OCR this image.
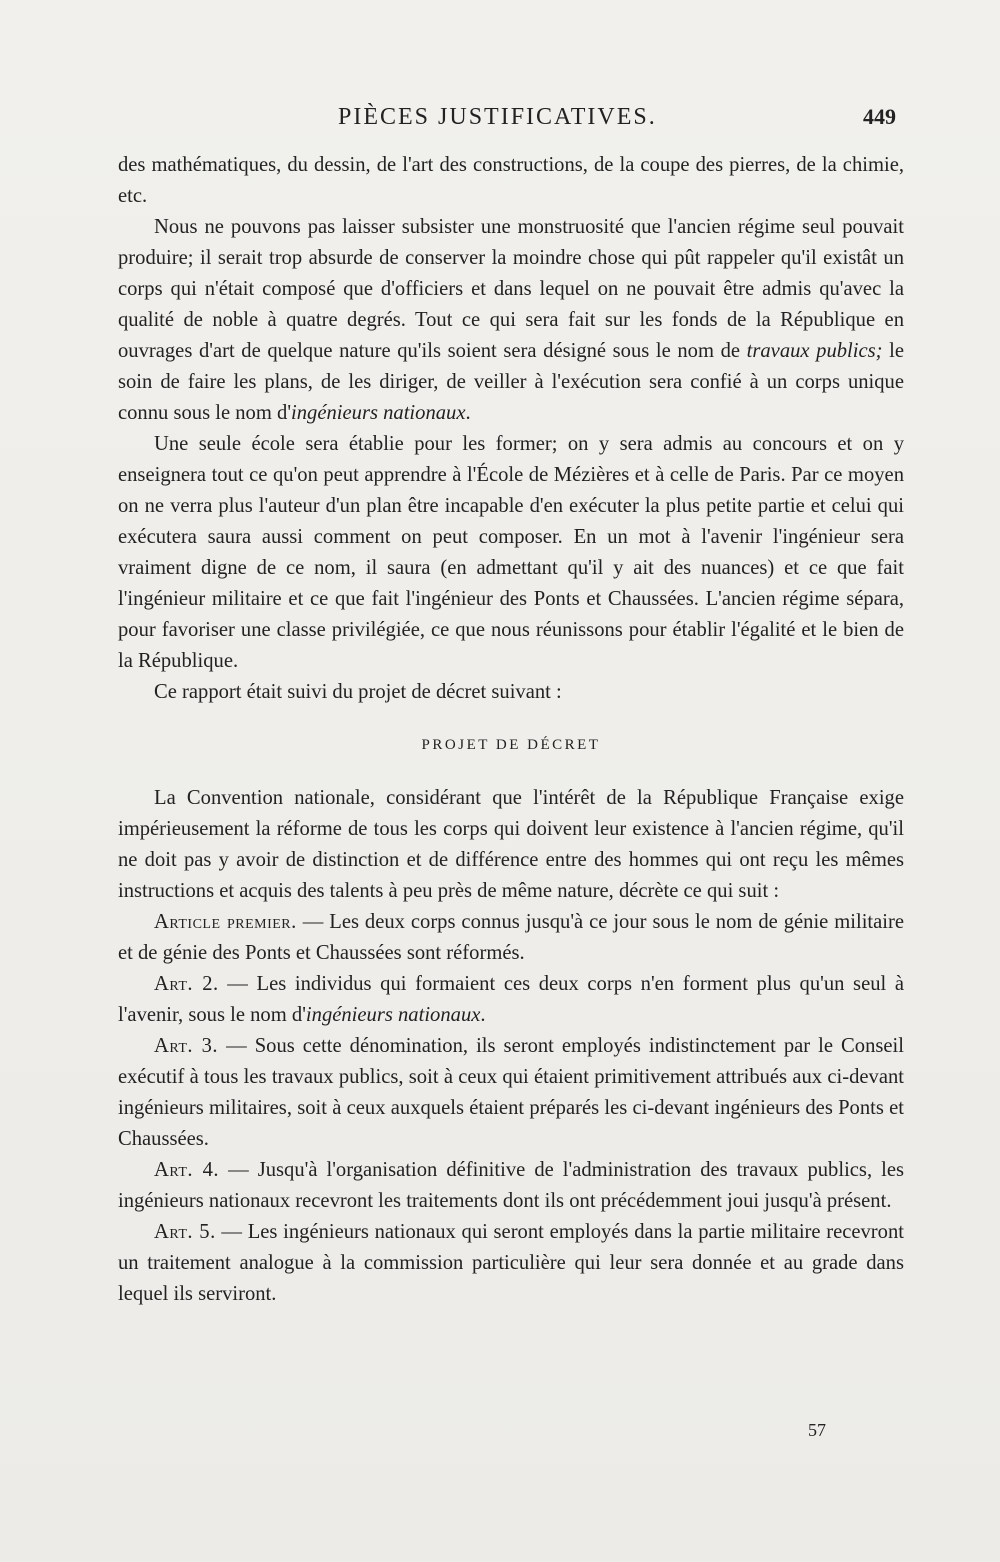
PIÈCES JUSTIFICATIVES.	449

des mathématiques, du dessin, de l'art des constructions, de la coupe des pierres, de la chimie, etc.

Nous ne pouvons pas laisser subsister une monstruosité que l'ancien régime seul pouvait produire; il serait trop absurde de conserver la moindre chose qui pût rappeler qu'il existât un corps qui n'était composé que d'officiers et dans lequel on ne pouvait être admis qu'avec la qualité de noble à quatre degrés. Tout ce qui sera fait sur les fonds de la République en ouvrages d'art de quelque nature qu'ils soient sera désigné sous le nom de travaux publics; le soin de faire les plans, de les diriger, de veiller à l'exécution sera confié à un corps unique connu sous le nom d'ingénieurs nationaux.

Une seule école sera établie pour les former; on y sera admis au concours et on y enseignera tout ce qu'on peut apprendre à l'École de Mézières et à celle de Paris. Par ce moyen on ne verra plus l'auteur d'un plan être incapable d'en exécuter la plus petite partie et celui qui exécutera saura aussi comment on peut composer. En un mot à l'avenir l'ingénieur sera vraiment digne de ce nom, il saura (en admettant qu'il y ait des nuances) et ce que fait l'ingénieur militaire et ce que fait l'ingénieur des Ponts et Chaussées. L'ancien régime sépara, pour favoriser une classe privilégiée, ce que nous réunissons pour établir l'égalité et le bien de la République.

Ce rapport était suivi du projet de décret suivant :

PROJET DE DÉCRET

La Convention nationale, considérant que l'intérêt de la République Française exige impérieusement la réforme de tous les corps qui doivent leur existence à l'ancien régime, qu'il ne doit pas y avoir de distinction et de différence entre des hommes qui ont reçu les mêmes instructions et acquis des talents à peu près de même nature, décrète ce qui suit :

Article premier. — Les deux corps connus jusqu'à ce jour sous le nom de génie militaire et de génie des Ponts et Chaussées sont réformés.

Art. 2. — Les individus qui formaient ces deux corps n'en forment plus qu'un seul à l'avenir, sous le nom d'ingénieurs nationaux.

Art. 3. — Sous cette dénomination, ils seront employés indistinctement par le Conseil exécutif à tous les travaux publics, soit à ceux qui étaient primitivement attribués aux ci-devant ingénieurs militaires, soit à ceux auxquels étaient préparés les ci-devant ingénieurs des Ponts et Chaussées.

Art. 4. — Jusqu'à l'organisation définitive de l'administration des travaux publics, les ingénieurs nationaux recevront les traitements dont ils ont précédemment joui jusqu'à présent.

Art. 5. — Les ingénieurs nationaux qui seront employés dans la partie militaire recevront un traitement analogue à la commission particulière qui leur sera donnée et au grade dans lequel ils serviront.

57
